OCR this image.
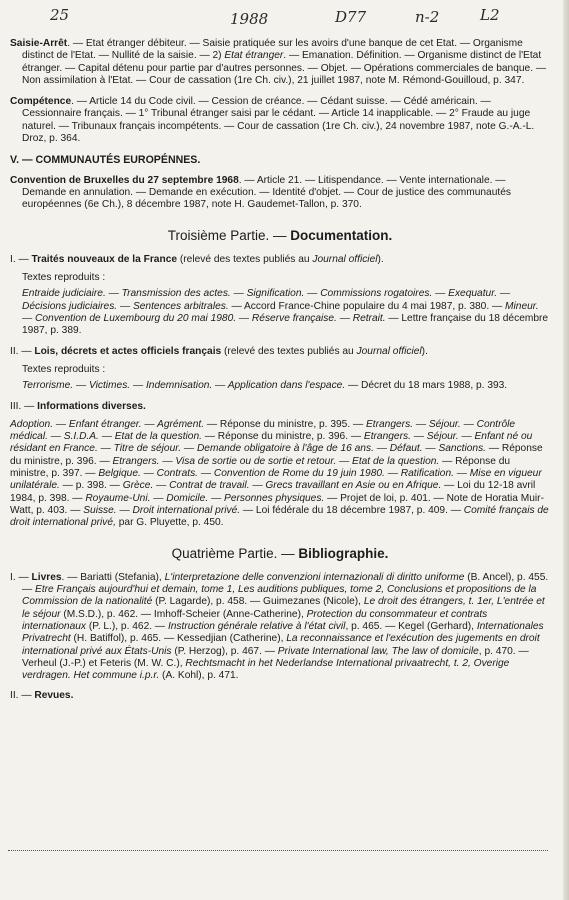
25	1988	D77	n-2	L2
Saisie-Arrêt. — Etat étranger débiteur. — Saisie pratiquée sur les avoirs d'une banque de cet Etat. — Organisme distinct de l'Etat. — Nullité de la saisie. — 2) Etat étranger. — Emanation. Définition. — Organisme distinct de l'Etat étranger. — Capital détenu pour partie par d'autres personnes. — Objet. — Opérations commerciales de banque. — Non assimilation à l'Etat. — Cour de cassation (1re Ch. civ.), 21 juillet 1987, note M. Rémond-Gouilloud, p. 347.
Compétence. — Article 14 du Code civil. — Cession de créance. — Cédant suisse. — Cédé américain. — Cessionnaire français. — 1° Tribunal étranger saisi par le cédant. — Article 14 inapplicable. — 2° Fraude au juge naturel. — Tribunaux français incompétents. — Cour de cassation (1re Ch. civ.), 24 novembre 1987, note G.-A.-L. Droz, p. 364.
V. — COMMUNAUTÉS EUROPÉNNES.
Convention de Bruxelles du 27 septembre 1968. — Article 21. — Litispendance. — Vente internationale. — Demande en annulation. — Demande en exécution. — Identité d'objet. — Cour de justice des communautés européennes (6e Ch.), 8 décembre 1987, note H. Gaudemet-Tallon, p. 370.
Troisième Partie. — Documentation.
I. — Traités nouveaux de la France (relevé des textes publiés au Journal officiel).
Textes reproduits :
Entraide judiciaire. — Transmission des actes. — Signification. — Commissions rogatoires. — Exequatur. — Décisions judiciaires. — Sentences arbitrales. — Accord France-Chine populaire du 4 mai 1987, p. 380. — Mineur. — Convention de Luxembourg du 20 mai 1980. — Réserve française. — Retrait. — Lettre française du 18 décembre 1987, p. 389.
II. — Lois, décrets et actes officiels français (relevé des textes publiés au Journal officiel).
Textes reproduits :
Terrorisme. — Victimes. — Indemnisation. — Application dans l'espace. — Décret du 18 mars 1988, p. 393.
III. — Informations diverses.
Adoption. — Enfant étranger. — Agrément. — Réponse du ministre, p. 395. — Etrangers. — Séjour. — Contrôle médical. — S.I.D.A. — Etat de la question. — Réponse du ministre, p. 396. — Etrangers. — Séjour. — Enfant né ou résidant en France. — Titre de séjour. — Demande obligatoire à l'âge de 16 ans. — Défaut. — Sanctions. — Réponse du ministre, p. 396. — Etrangers. — Visa de sortie ou de sortie et retour. — Etat de la question. — Réponse du ministre, p. 397. — Belgique. — Contrats. — Convention de Rome du 19 juin 1980. — Ratification. — Mise en vigueur unilatérale. — p. 398. — Grèce. — Contrat de travail. — Grecs travaillant en Asie ou en Afrique. — Loi du 12-18 avril 1984, p. 398. — Royaume-Uni. — Domicile. — Personnes physiques. — Projet de loi, p. 401. — Note de Horatia Muir-Watt, p. 403. — Suisse. — Droit international privé. — Loi fédérale du 18 décembre 1987, p. 409. — Comité français de droit international privé, par G. Pluyette, p. 450.
Quatrième Partie. — Bibliographie.
I. — Livres. — Bariatti (Stefania), L'interpretazione delle convenzioni internazionali di diritto uniforme (B. Ancel), p. 455. — Etre Français aujourd'hui et demain, tome 1, Les auditions publiques, tome 2, Conclusions et propositions de la Commission de la nationalité (P. Lagarde), p. 458. — Guimezanes (Nicole), Le droit des étrangers, t. 1er, L'entrée et le séjour (M.S.D.), p. 462. — Imhoff-Scheier (Anne-Catherine), Protection du consommateur et contrats internationaux (P. L.), p. 462. — Instruction générale relative à l'état civil, p. 465. — Kegel (Gerhard), Internationales Privatrecht (H. Batiffol), p. 465. — Kessedjian (Catherine), La reconnaissance et l'exécution des jugements en droit international privé aux États-Unis (P. Herzog), p. 467. — Private International law, The law of domicile, p. 470. — Verheul (J.-P.) et Feteris (M. W. C.), Rechtsmacht in het Nederlandse International privaatrecht, t. 2, Overige verdragen. Het commune i.p.r. (A. Kohl), p. 471.
II. — Revues.
